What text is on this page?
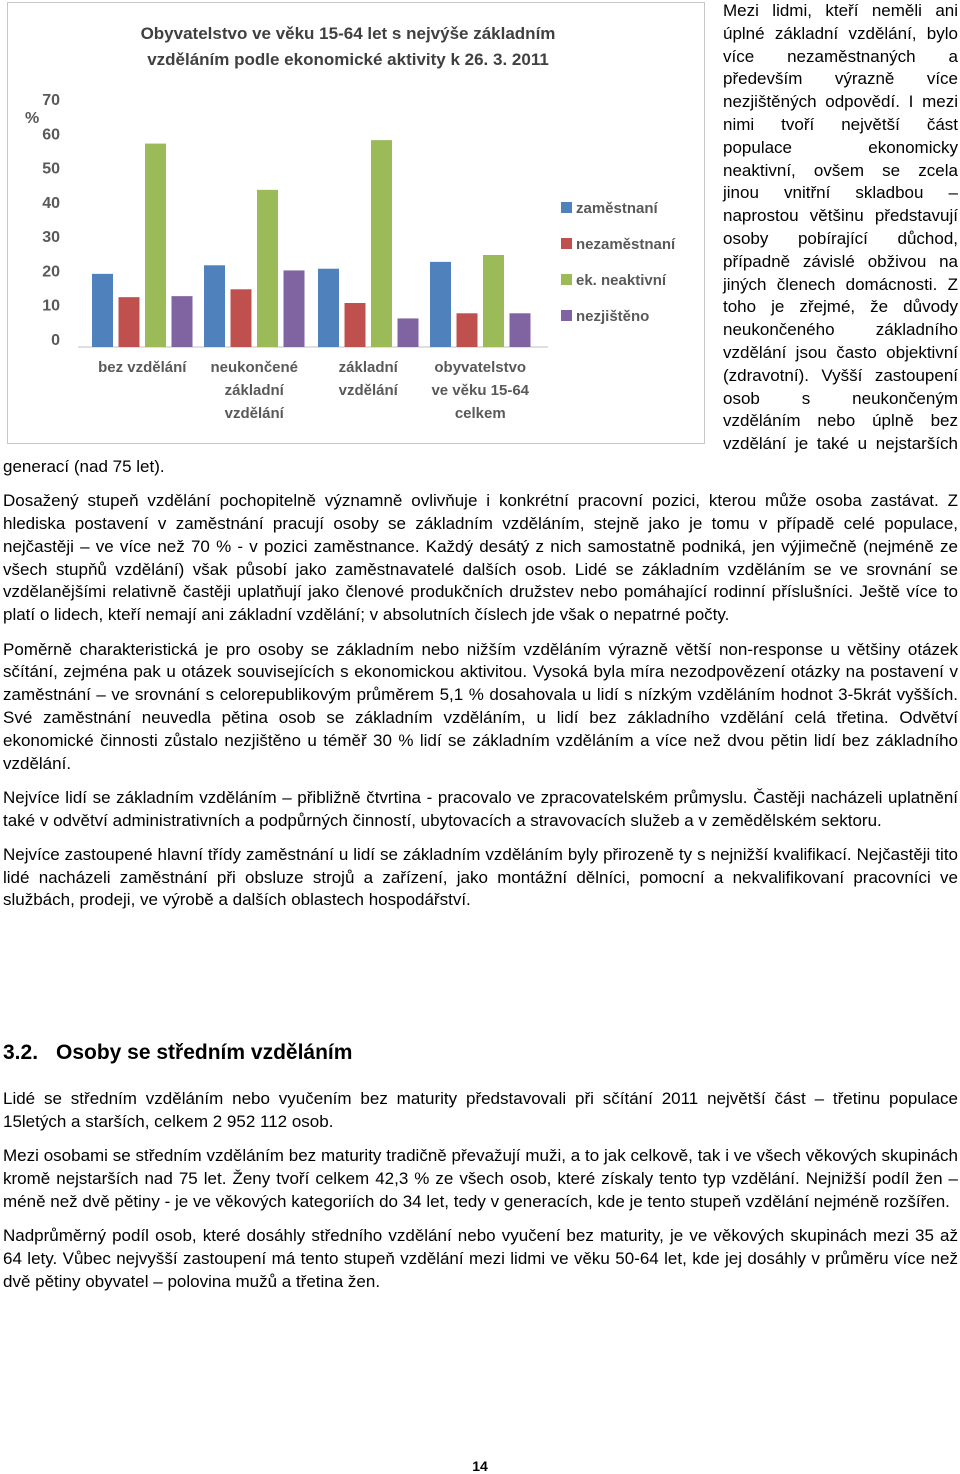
Obyvatelstvo ve věku 15-64 let s nejvýše základním
vzděláním podle ekonomické aktivity k 26. 3. 2011
0
10
20
30
40
50
60
70
%
bez vzdělání neukončené
základní
vzdělání
základní
vzdělání
obyvatelstvo
ve věku 15-64
celkem
zaměstnaní
nezaměstnaní
ek. neaktivní
nezjištěno

Mezi lidmi, kteří neměli ani úplné základní vzdělání, bylo více nezaměstnaných a především výrazně více nezjištěných odpovědí. I mezi nimi tvoří největší část populace ekonomicky neaktivní, ovšem se zcela jinou vnitřní skladbou – naprostou většinu představují osoby pobírající důchod, případně závislé obživou na jiných členech domácnosti. Z toho je zřejmé, že důvody neukončeného základního vzdělání jsou často objektivní (zdravotní). Vyšší zastoupení osob s neukončeným vzděláním nebo úplně bez vzdělání je také u nejstarších generací (nad 75 let).

Dosažený stupeň vzdělání pochopitelně významně ovlivňuje i konkrétní pracovní pozici, kterou může osoba zastávat. Z hlediska postavení v zaměstnání pracují osoby se základním vzděláním, stejně jako je tomu v případě celé populace, nejčastěji – ve více než 70 % - v pozici zaměstnance. Každý desátý z nich samostatně podniká, jen výjimečně (nejméně ze všech stupňů vzdělání) však působí jako zaměstnavatelé dalších osob. Lidé se základním vzděláním se ve srovnání se vzdělanějšími relativně častěji uplatňují jako členové produkčních družstev nebo pomáhající rodinní příslušníci. Ještě více to platí o lidech, kteří nemají ani základní vzdělání; v absolutních číslech jde však o nepatrné počty.

Poměrně charakteristická je pro osoby se základním nebo nižším vzděláním výrazně větší non-response u většiny otázek sčítání, zejména pak u otázek souvisejících s ekonomickou aktivitou. Vysoká byla míra nezodpovězení otázky na postavení v zaměstnání – ve srovnání s celorepublikovým průměrem 5,1 % dosahovala u lidí s nízkým vzděláním hodnot 3-5krát vyšších. Své zaměstnání neuvedla pětina osob se základním vzděláním, u lidí bez základního vzdělání celá třetina. Odvětví ekonomické činnosti zůstalo nezjištěno u téměř 30 % lidí se základním vzděláním a více než dvou pětin lidí bez základního vzdělání.

Nejvíce lidí se základním vzděláním – přibližně čtvrtina - pracovalo ve zpracovatelském průmyslu. Častěji nacházeli uplatnění také v odvětví administrativních a podpůrných činností, ubytovacích a stravovacích služeb a v zemědělském sektoru.

Nejvíce zastoupené hlavní třídy zaměstnání u lidí se základním vzděláním byly přirozeně ty s nejnižší kvalifikací. Nejčastěji tito lidé nacházeli zaměstnání při obsluze strojů a zařízení, jako montážní dělníci, pomocní a nekvalifikovaní pracovníci ve službách, prodeji, ve výrobě a dalších oblastech hospodářství.

3.2. Osoby se středním vzděláním

Lidé se středním vzděláním nebo vyučením bez maturity představovali při sčítání 2011 největší část – třetinu populace 15letých a starších, celkem 2 952 112 osob.

Mezi osobami se středním vzděláním bez maturity tradičně převažují muži, a to jak celkově, tak i ve všech věkových skupinách kromě nejstarších nad 75 let. Ženy tvoří celkem 42,3 % ze všech osob, které získaly tento typ vzdělání. Nejnižší podíl žen – méně než dvě pětiny - je ve věkových kategoriích do 34 let, tedy v generacích, kde je tento stupeň vzdělání nejméně rozšířen.

Nadprůměrný podíl osob, které dosáhly středního vzdělání nebo vyučení bez maturity, je ve věkových skupinách mezi 35 až 64 lety. Vůbec nejvyšší zastoupení má tento stupeň vzdělání mezi lidmi ve věku 50-64 let, kde jej dosáhly v průměru více než dvě pětiny obyvatel – polovina mužů a třetina žen.

14
